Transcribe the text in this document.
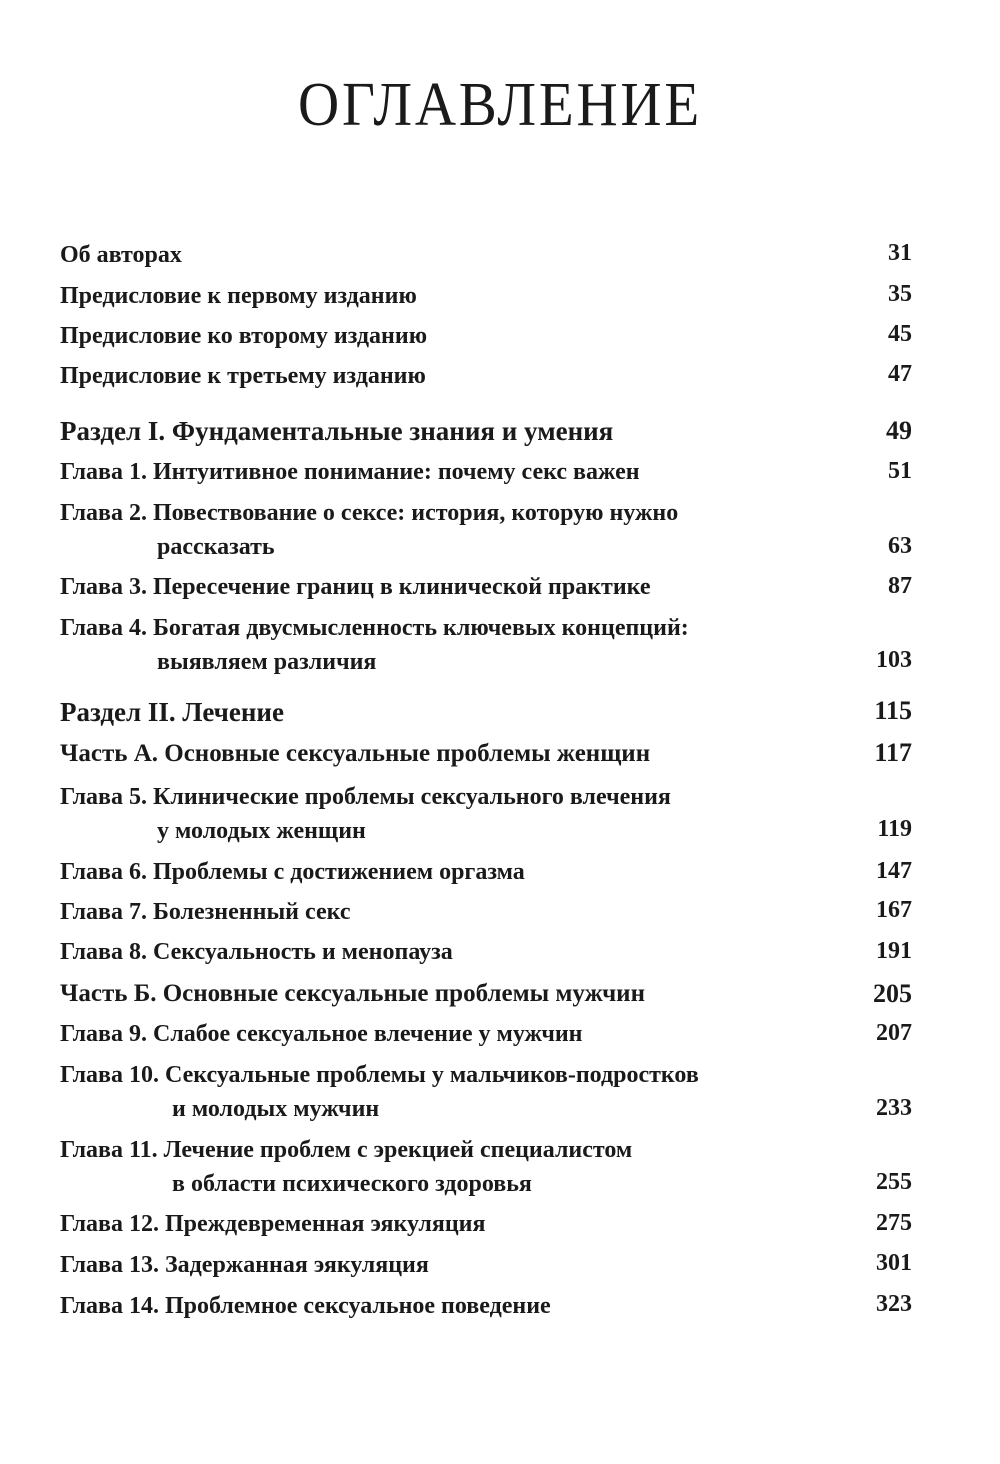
ОГЛАВЛЕНИЕ
Об авторах	31
Предисловие к первому изданию	35
Предисловие ко второму изданию	45
Предисловие к третьему изданию	47
Раздел I. Фундаментальные знания и умения	49
Глава 1. Интуитивное понимание: почему секс важен	51
Глава 2. Повествование о сексе: история, которую нужно
рассказать	63
Глава 3. Пересечение границ в клинической практике	87
Глава 4. Богатая двусмысленность ключевых концепций:
выявляем различия	103
Раздел II. Лечение	115
Часть А. Основные сексуальные проблемы женщин	117
Глава 5. Клинические проблемы сексуального влечения
у молодых женщин	119
Глава 6. Проблемы с достижением оргазма	147
Глава 7. Болезненный секс	167
Глава 8. Сексуальность и менопауза	191
Часть Б. Основные сексуальные проблемы мужчин	205
Глава 9. Слабое сексуальное влечение у мужчин	207
Глава 10. Сексуальные проблемы у мальчиков-подростков
и молодых мужчин	233
Глава 11. Лечение проблем с эрекцией специалистом
в области психического здоровья	255
Глава 12. Преждевременная эякуляция	275
Глава 13. Задержанная эякуляция	301
Глава 14. Проблемное сексуальное поведение	323
